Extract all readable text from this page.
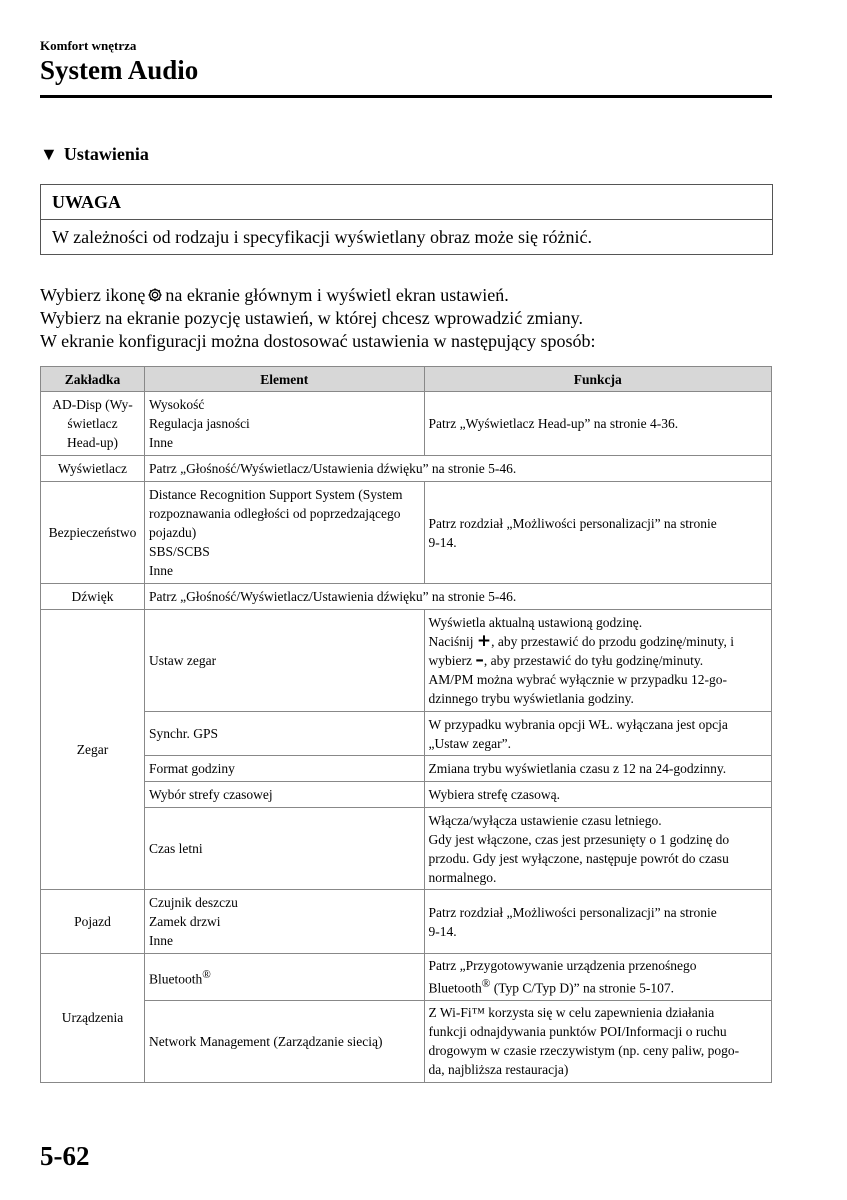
Komfort wnętrza
System Audio
▼ Ustawienia
UWAGA
W zależności od rodzaju i specyfikacji wyświetlany obraz może się różnić.
Wybierz ikonę na ekranie głównym i wyświetl ekran ustawień.
Wybierz na ekranie pozycję ustawień, w której chcesz wprowadzić zmiany.
W ekranie konfiguracji można dostosować ustawienia w następujący sposób:
Zakładka	Element	Funkcja
AD-Disp (Wy-
świetlacz
Head-up)	Wysokość
Regulacja jasności
Inne	Patrz „Wyświetlacz Head-up” na stronie 4-36.
Wyświetlacz	Patrz „Głośność/Wyświetlacz/Ustawienia dźwięku” na stronie 5-46.	
Bezpieczeństwo	Distance Recognition Support System (System
rozpoznawania odległości od poprzedzającego
pojazdu)
SBS/SCBS
Inne	Patrz rozdział „Możliwości personalizacji” na stronie
9-14.
Dźwięk	Patrz „Głośność/Wyświetlacz/Ustawienia dźwięku” na stronie 5-46.	
Zegar	Ustaw zegar	Wyświetla aktualną ustawioną godzinę.
Naciśnij +, aby przestawić do przodu godzinę/minuty, i
wybierz –, aby przestawić do tyłu godzinę/minuty.
AM/PM można wybrać wyłącznie w przypadku 12-go-
dzinnego trybu wyświetlania godziny.

	Synchr. GPS	W przypadku wybrania opcji WŁ. wyłączana jest opcja
„Ustaw zegar”.
	Format godziny	Zmiana trybu wyświetlania czasu z 12 na 24-godzinny.
	Wybór strefy czasowej	Wybiera strefę czasową.
	Czas letni	Włącza/wyłącza ustawienie czasu letniego.
Gdy jest włączone, czas jest przesunięty o 1 godzinę do
przodu. Gdy jest wyłączone, następuje powrót do czasu
normalnego.
Pojazd	Czujnik deszczu
Zamek drzwi
Inne	Patrz rozdział „Możliwości personalizacji” na stronie
9-14.
Urządzenia	Bluetooth®	Patrz „Przygotowywanie urządzenia przenośnego
Bluetooth® (Typ C/Typ D)” na stronie 5-107.

	Network Management (Zarządzanie siecią)	Z Wi-Fi™ korzysta się w celu zapewnienia działania
funkcji odnajdywania punktów POI/Informacji o ruchu
drogowym w czasie rzeczywistym (np. ceny paliw, pogo-
da, najbliższa restauracja)
5-62
